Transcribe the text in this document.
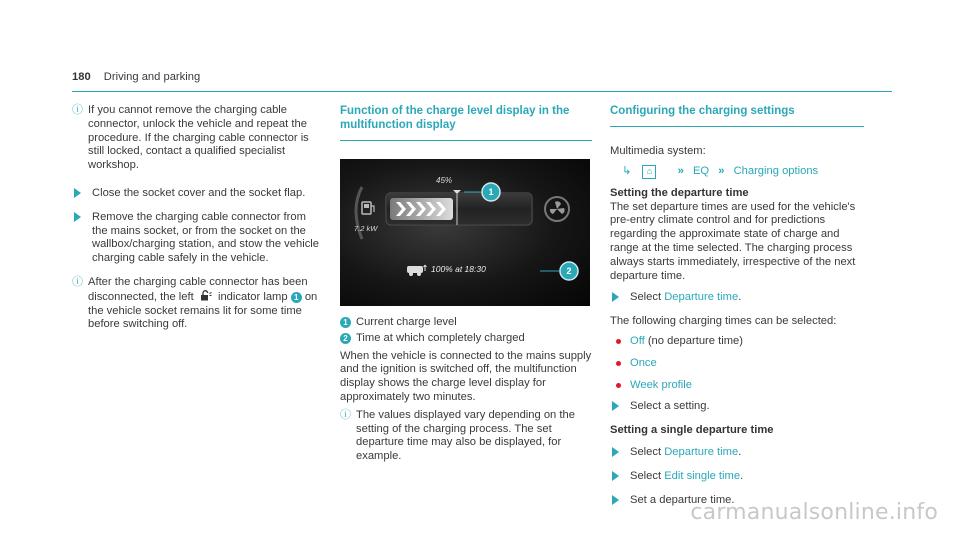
180 Driving and parking
ⓘ If you cannot remove the charging cable connector, unlock the vehicle and repeat the procedure. If the charging cable connector is still locked, contact a qualified specialist workshop.
Close the socket cover and the socket flap.
Remove the charging cable connector from the mains socket, or from the socket on the wallbox/charging station, and stow the vehicle charging cable safely in the vehicle.
ⓘ After the charging cable connector has been disconnected, the left indicator lamp 1 on the vehicle socket remains lit for some time before switching off.
Function of the charge level display in the multifunction display
45%
7.2 kW
100% at 18:30
1
2
1 Current charge level
2 Time at which completely charged
When the vehicle is connected to the mains supply and the ignition is switched off, the multifunction display shows the charge level display for approximately two minutes.
ⓘ The values displayed vary depending on the setting of the charging process. The set departure time may also be displayed, for example.
Configuring the charging settings
Multimedia system:
↳ ⌂ » EQ » Charging options
Setting the departure time
The set departure times are used for the vehicle's pre-entry climate control and for predictions regarding the approximate state of charge and range at the time selected. The charging process always starts immediately, irrespective of the next departure time.
Select Departure time.
The following charging times can be selected:
Off (no departure time)
Once
Week profile
Select a setting.
Setting a single departure time
Select Departure time.
Select Edit single time.
Set a departure time.
carmanualsonline.info
